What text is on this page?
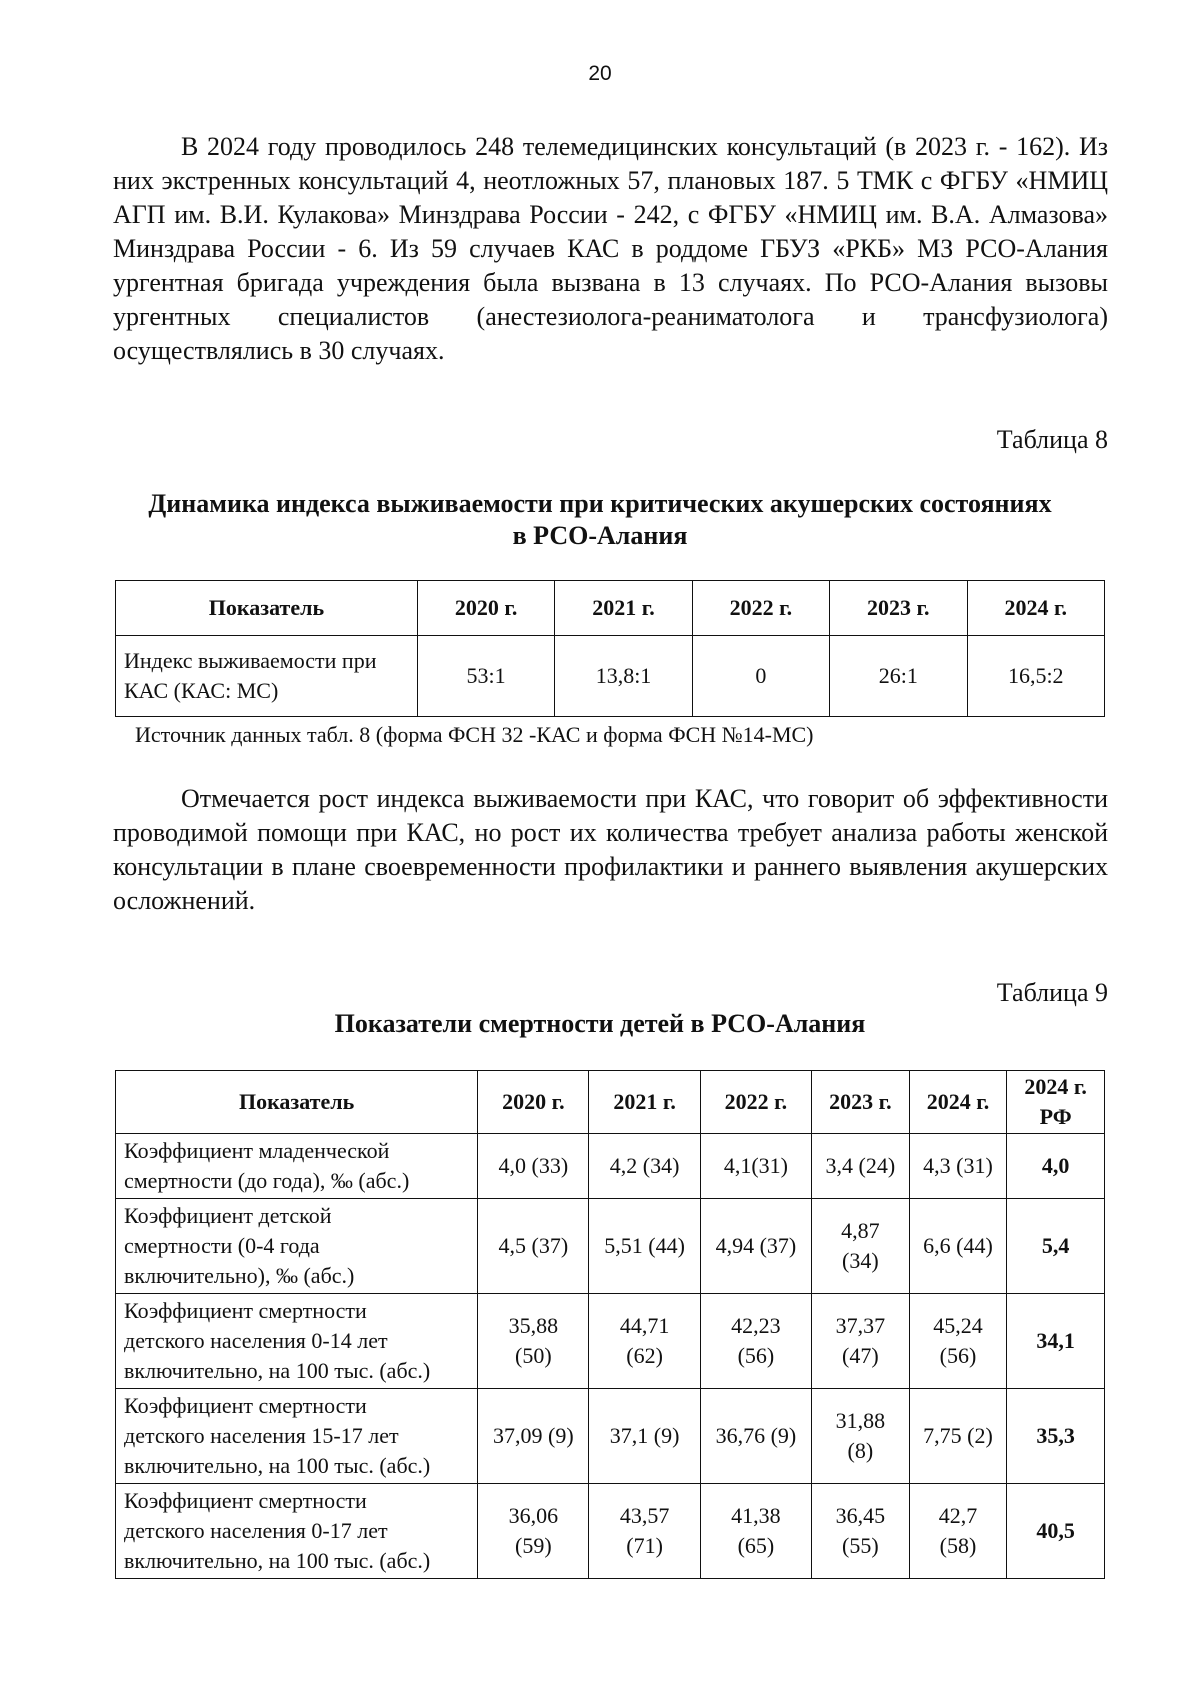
20

В 2024 году проводилось 248 телемедицинских консультаций (в 2023 г. - 162). Из них экстренных консультаций 4, неотложных 57, плановых 187. 5 ТМК с ФГБУ «НМИЦ АГП им. В.И. Кулакова» Минздрава России - 242, с ФГБУ «НМИЦ им. В.А. Алмазова» Минздрава России - 6. Из 59 случаев КАС в роддоме ГБУЗ «РКБ» МЗ РСО-Алания ургентная бригада учреждения была вызвана в 13 случаях. По РСО-Алания вызовы ургентных специалистов (анестезиолога-реаниматолога и трансфузиолога) осуществлялись в 30 случаях.

Таблица 8

Динамика индекса выживаемости при критических акушерских состояниях
в РСО-Алания

Показатель	2020 г.	2021 г.	2022 г.	2023 г.	2024 г.
Индекс выживаемости при
КАС (КАС: МС)	53:1	13,8:1	0	26:1	16,5:2
Источник данных табл. 8 (форма ФСН 32 -КАС и форма ФСН №14-МС)

Отмечается рост индекса выживаемости при КАС, что говорит об эффективности проводимой помощи при КАС, но рост их количества требует анализа работы женской консультации в плане своевременности профилактики и раннего выявления акушерских осложнений.

Таблица 9

Показатели смертности детей в РСО-Алания

Показатель	2020 г.	2021 г.	2022 г.	2023 г.	2024 г.	2024 г.
РФ
Коэффициент младенческой
смертности (до года), ‰ (абс.)	4,0 (33)	4,2 (34)	4,1(31)	3,4 (24)	4,3 (31)	4,0
Коэффициент детской
смертности (0-4 года
включительно), ‰ (абс.)	4,5 (37)	5,51 (44)	4,94 (37)	4,87
(34)	6,6 (44)	5,4
Коэффициент смертности
детского населения 0-14 лет
включительно, на 100 тыс. (абс.)	35,88
(50)	44,71
(62)	42,23
(56)	37,37
(47)	45,24
(56)	34,1
Коэффициент смертности
детского населения 15-17 лет
включительно, на 100 тыс. (абс.)	37,09 (9)	37,1 (9)	36,76 (9)	31,88
(8)	7,75 (2)	35,3
Коэффициент смертности
детского населения 0-17 лет
включительно, на 100 тыс. (абс.)	36,06
(59)	43,57
(71)	41,38
(65)	36,45
(55)	42,7
(58)	40,5
